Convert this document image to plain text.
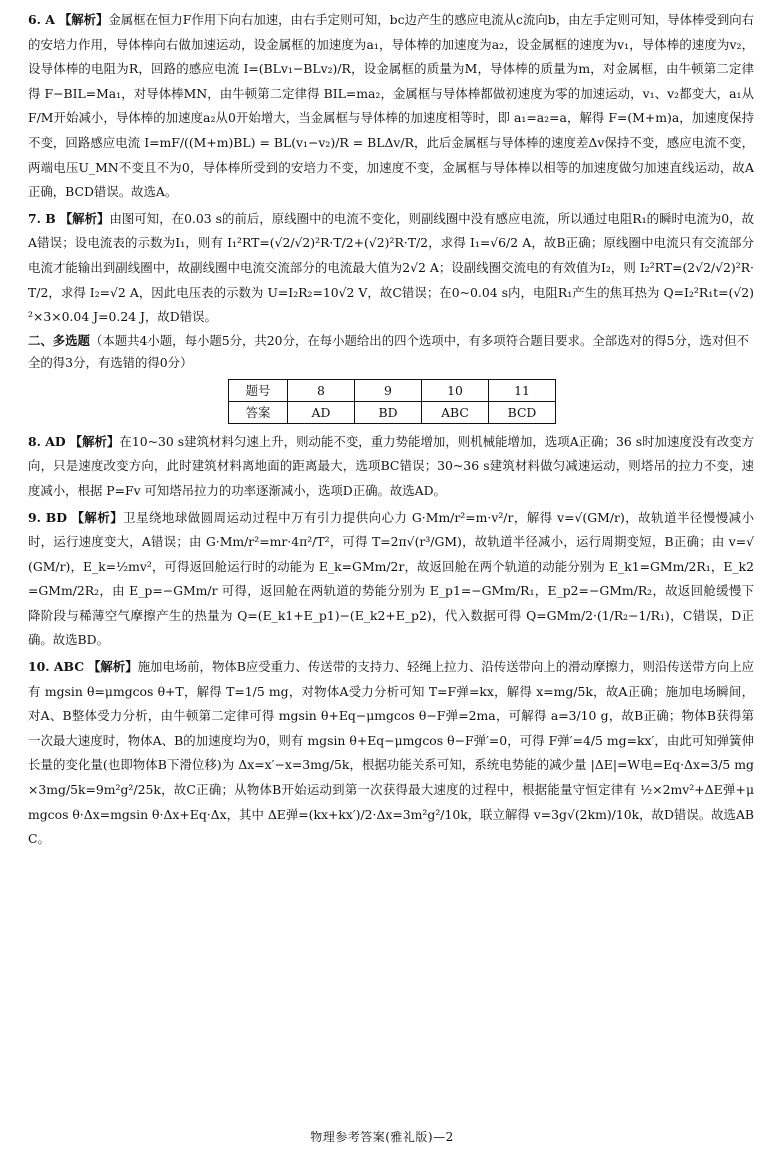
6. A 【解析】金属框在恒力F作用下向右加速，由右手定则可知，bc边产生的感应电流从c流向b，由左手定则可知，导体棒受到向右的安培力作用，导体棒向右做加速运动，设金属框的加速度为a₁，导体棒的加速度为a₂，设金属框的速度为v₁，导体棒的速度为v₂，设导体棒的电阻为R，回路的感应电流 I=(BLv₁−BLv₂)/R，设金属框的质量为M，导体棒的质量为m，对金属框，由牛顿第二定律得 F−BIL=Ma₁，对导体棒MN，由牛顿第二定律得 BIL=ma₂，金属框与导体棒都做初速度为零的加速运动，v₁、v₂都变大，a₁从F/M开始减小，导体棒的加速度a₂从0开始增大，当金属框与导体棒的加速度相等时，即 a₁=a₂=a，解得 F=(M+m)a，加速度保持不变，回路感应电流 I=mF/((M+m)BL) = BL(v₁−v₂)/R = BLΔv/R，此后金属框与导体棒的速度差Δv保持不变，感应电流不变，两端电压U_MN不变且不为0，导体棒所受到的安培力不变，加速度不变，金属框与导体棒以相等的加速度做匀加速直线运动，故A正确，BCD错误。故选A。

7. B 【解析】由图可知，在0.03 s的前后，原线圈中的电流不变化，则副线圈中没有感应电流，所以通过电阻R₁的瞬时电流为0，故A错误；设电流表的示数为I₁，则有 I₁²RT=(√2/√2)²R·T/2+(√2)²R·T/2，求得 I₁=√6/2 A，故B正确；原线圈中电流只有交流部分电流才能输出到副线圈中，故副线圈中电流交流部分的电流最大值为2√2 A；设副线圈交流电的有效值为I₂，则 I₂²RT=(2√2/√2)²R·T/2，求得 I₂=√2 A，因此电压表的示数为 U=I₂R₂=10√2 V，故C错误；在0~0.04 s内，电阻R₁产生的焦耳热为 Q=I₂²R₁t=(√2)²×3×0.04 J=0.24 J，故D错误。

二、多选题（本题共4小题，每小题5分，共20分，在每小题给出的四个选项中，有多项符合题目要求。全部选对的得5分，选对但不全的得3分，有选错的得0分）

题号	8	9	10	11
答案	AD	BD	ABC	BCD

8. AD 【解析】在10~30 s建筑材料匀速上升，则动能不变，重力势能增加，则机械能增加，选项A正确；36 s时加速度没有改变方向，只是速度改变方向，此时建筑材料离地面的距离最大，选项BC错误；30~36 s建筑材料做匀减速运动，则塔吊的拉力不变，速度减小，根据 P=Fv 可知塔吊拉力的功率逐渐减小，选项D正确。故选AD。

9. BD 【解析】卫星绕地球做圆周运动过程中万有引力提供向心力 G·Mm/r²=m·v²/r，解得 v=√(GM/r)，故轨道半径慢慢减小时，运行速度变大，A错误；由 G·Mm/r²=mr·4π²/T²，可得 T=2π√(r³/GM)，故轨道半径减小，运行周期变短，B正确；由 v=√(GM/r)，E_k=½mv²，可得返回舱运行时的动能为 E_k=GMm/2r，故返回舱在两个轨道的动能分别为 E_k1=GMm/2R₁，E_k2=GMm/2R₂，由 E_p=−GMm/r 可得，返回舱在两轨道的势能分别为 E_p1=−GMm/R₁，E_p2=−GMm/R₂，故返回舱缓慢下降阶段与稀薄空气摩擦产生的热量为 Q=(E_k1+E_p1)−(E_k2+E_p2)，代入数据可得 Q=GMm/2·(1/R₂−1/R₁)，C错误，D正确。故选BD。

10. ABC 【解析】施加电场前，物体B应受重力、传送带的支持力、轻绳上拉力、沿传送带向上的滑动摩擦力，则沿传送带方向上应有 mgsin θ=μmgcos θ+T，解得 T=1/5 mg，对物体A受力分析可知 T=F弹=kx，解得 x=mg/5k，故A正确；施加电场瞬间，对A、B整体受力分析，由牛顿第二定律可得 mgsin θ+Eq−μmgcos θ−F弹=2ma，可解得 a=3/10 g，故B正确；物体B获得第一次最大速度时，物体A、B的加速度均为0，则有 mgsin θ+Eq−μmgcos θ−F弹′=0，可得 F弹′=4/5 mg=kx′，由此可知弹簧伸长量的变化量(也即物体B下滑位移)为 Δx=x′−x=3mg/5k，根据功能关系可知，系统电势能的减少量 |ΔE|=W电=Eq·Δx=3/5 mg×3mg/5k=9m²g²/25k，故C正确；从物体B开始运动到第一次获得最大速度的过程中，根据能量守恒定律有 ½×2mv²+ΔE弹+μmgcos θ·Δx=mgsin θ·Δx+Eq·Δx，其中 ΔE弹=(kx+kx′)/2·Δx=3m²g²/10k，联立解得 v=3g√(2km)/10k，故D错误。故选ABC。

物理参考答案(雅礼版)—2
